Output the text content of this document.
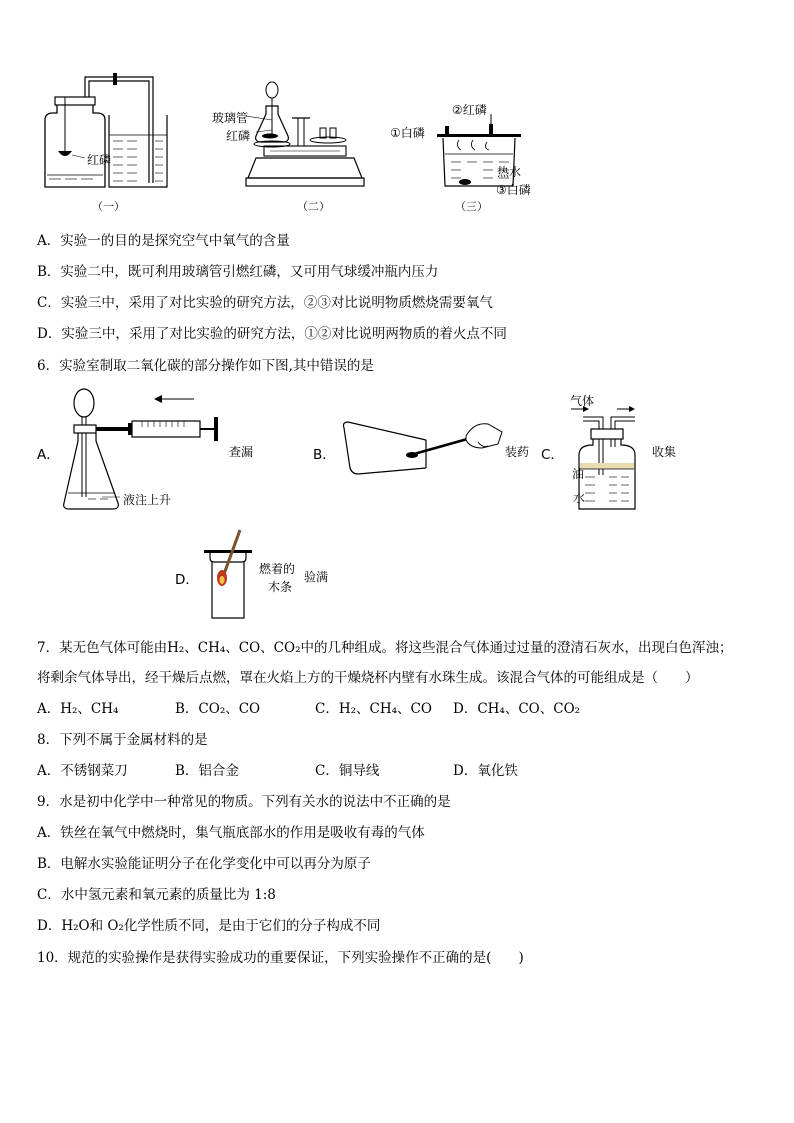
红磷
（一）
玻璃管
红磷
（二）
②红磷
①白磷
热水
③白磷
（三）
A．实验一的目的是探究空气中氧气的含量
B．实验二中，既可利用玻璃管引燃红磷，又可用气球缓冲瓶内压力
C．实验三中，采用了对比实验的研究方法，②③对比说明物质燃烧需要氧气
D．实验三中，采用了对比实验的研究方法，①②对比说明两物质的着火点不同
6．实验室制取二氧化碳的部分操作如下图,其中错误的是
A．
液注上升
查漏	B．	装药 C．
气体
油
水
收集
D．
燃着的
木条
验满
7．某无色气体可能由H₂、CH₄、CO、CO₂中的几种组成。将这些混合气体通过过量的澄清石灰水，出现白色浑浊；
将剩余气体导出，经干燥后点燃，罩在火焰上方的干燥烧杯内壁有水珠生成。该混合气体的可能组成是（　　）
A．H₂、CH₄	B．CO₂、CO	C．H₂、CH₄、CO D．CH₄、CO、CO₂
8．下列不属于金属材料的是
A．不锈钢菜刀	B．铝合金	C．铜导线	D．氧化铁
9．水是初中化学中一种常见的物质。下列有关水的说法中不正确的是
A．铁丝在氧气中燃烧时，集气瓶底部水的作用是吸收有毒的气体
B．电解水实验能证明分子在化学变化中可以再分为原子
C．水中氢元素和氧元素的质量比为 1:8
D．H₂O和 O₂化学性质不同，是由于它们的分子构成不同
10．规范的实验操作是获得实验成功的重要保证，下列实验操作不正确的是(　　)
